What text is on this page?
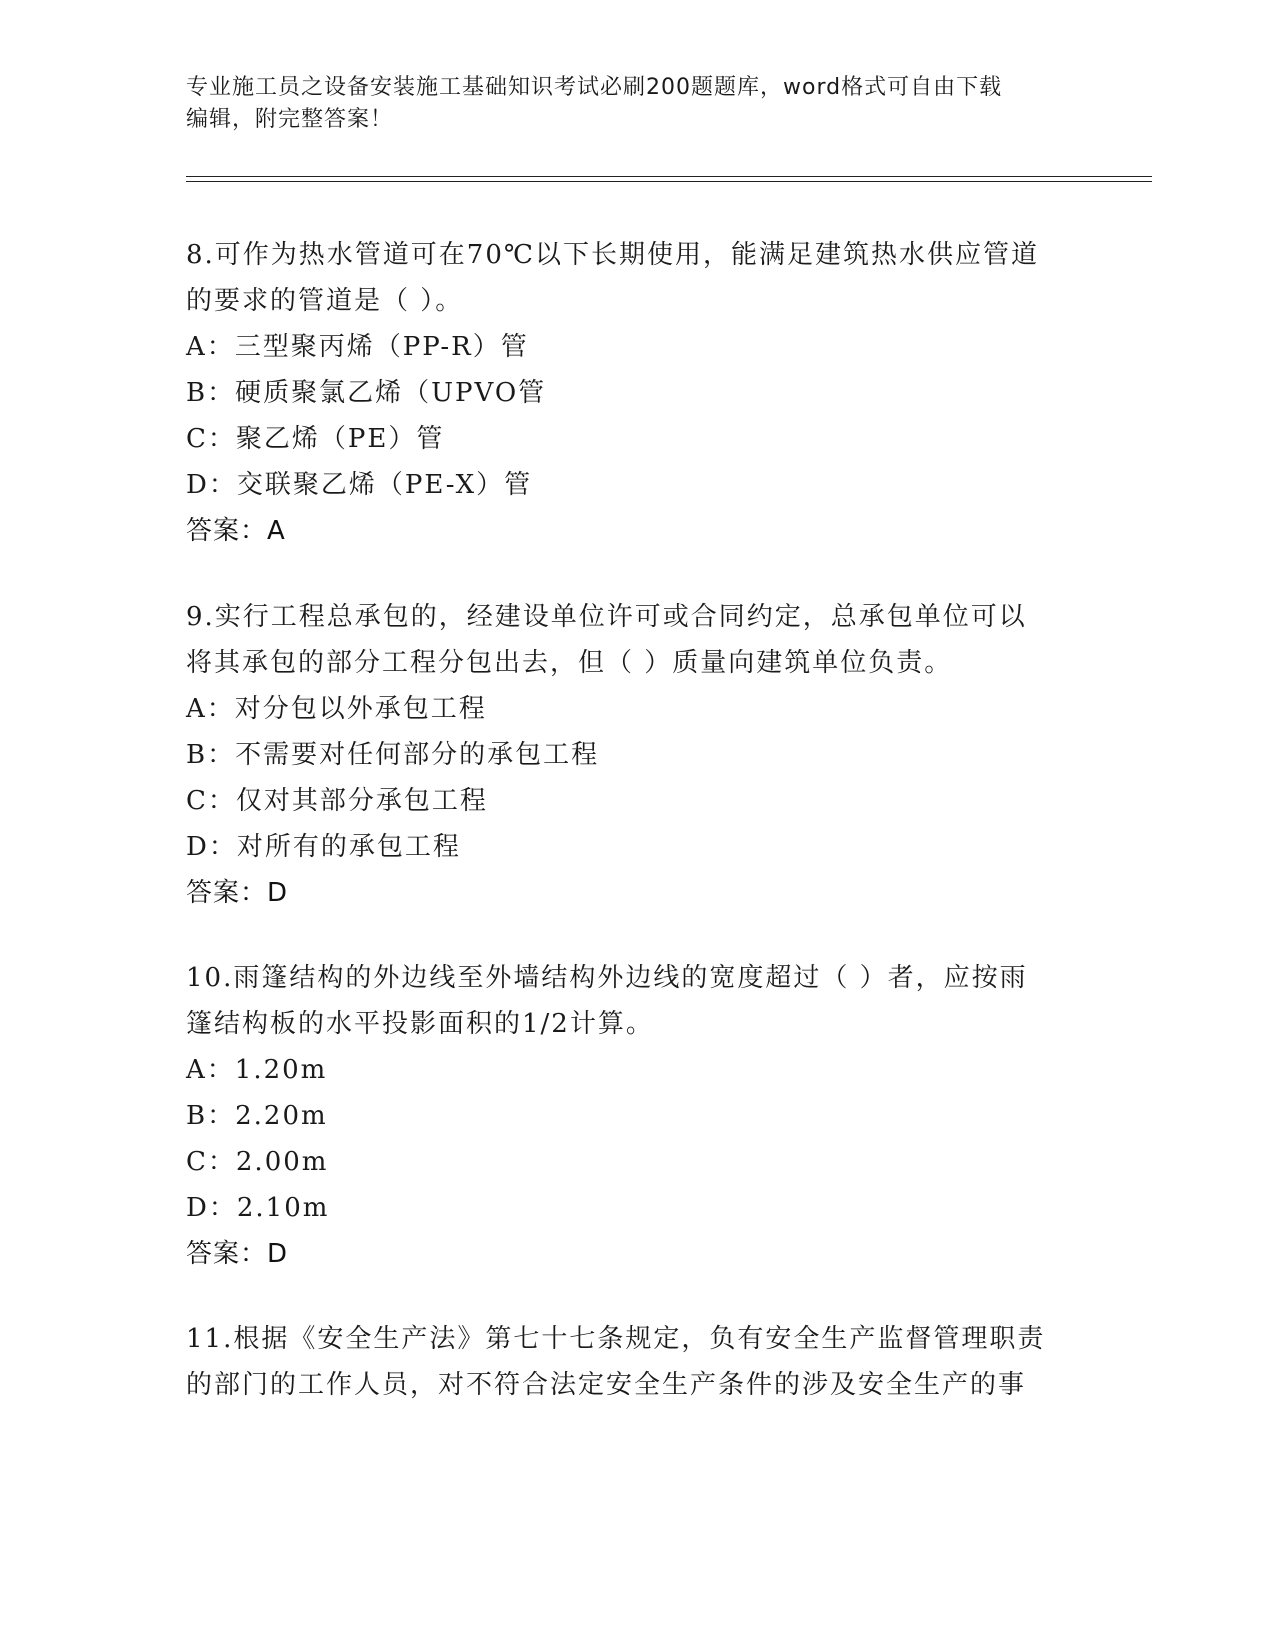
专业施工员之设备安装施工基础知识考试必刷200题题库，word格式可自由下载
编辑，附完整答案！
8.可作为热水管道可在70℃以下长期使用，能满足建筑热水供应管道
的要求的管道是（ ）。
A：三型聚丙烯（PP-R）管
B：硬质聚氯乙烯（UPVO管
C：聚乙烯（PE）管
D：交联聚乙烯（PE-X）管
答案：A
9.实行工程总承包的，经建设单位许可或合同约定，总承包单位可以
将其承包的部分工程分包出去，但（ ）质量向建筑单位负责。
A：对分包以外承包工程
B：不需要对任何部分的承包工程
C：仅对其部分承包工程
D：对所有的承包工程
答案：D
10.雨篷结构的外边线至外墙结构外边线的宽度超过（ ）者，应按雨
篷结构板的水平投影面积的1/2计算。
A：1.20m
B：2.20m
C：2.00m
D：2.10m
答案：D
11.根据《安全生产法》第七十七条规定，负有安全生产监督管理职责
的部门的工作人员，对不符合法定安全生产条件的涉及安全生产的事
